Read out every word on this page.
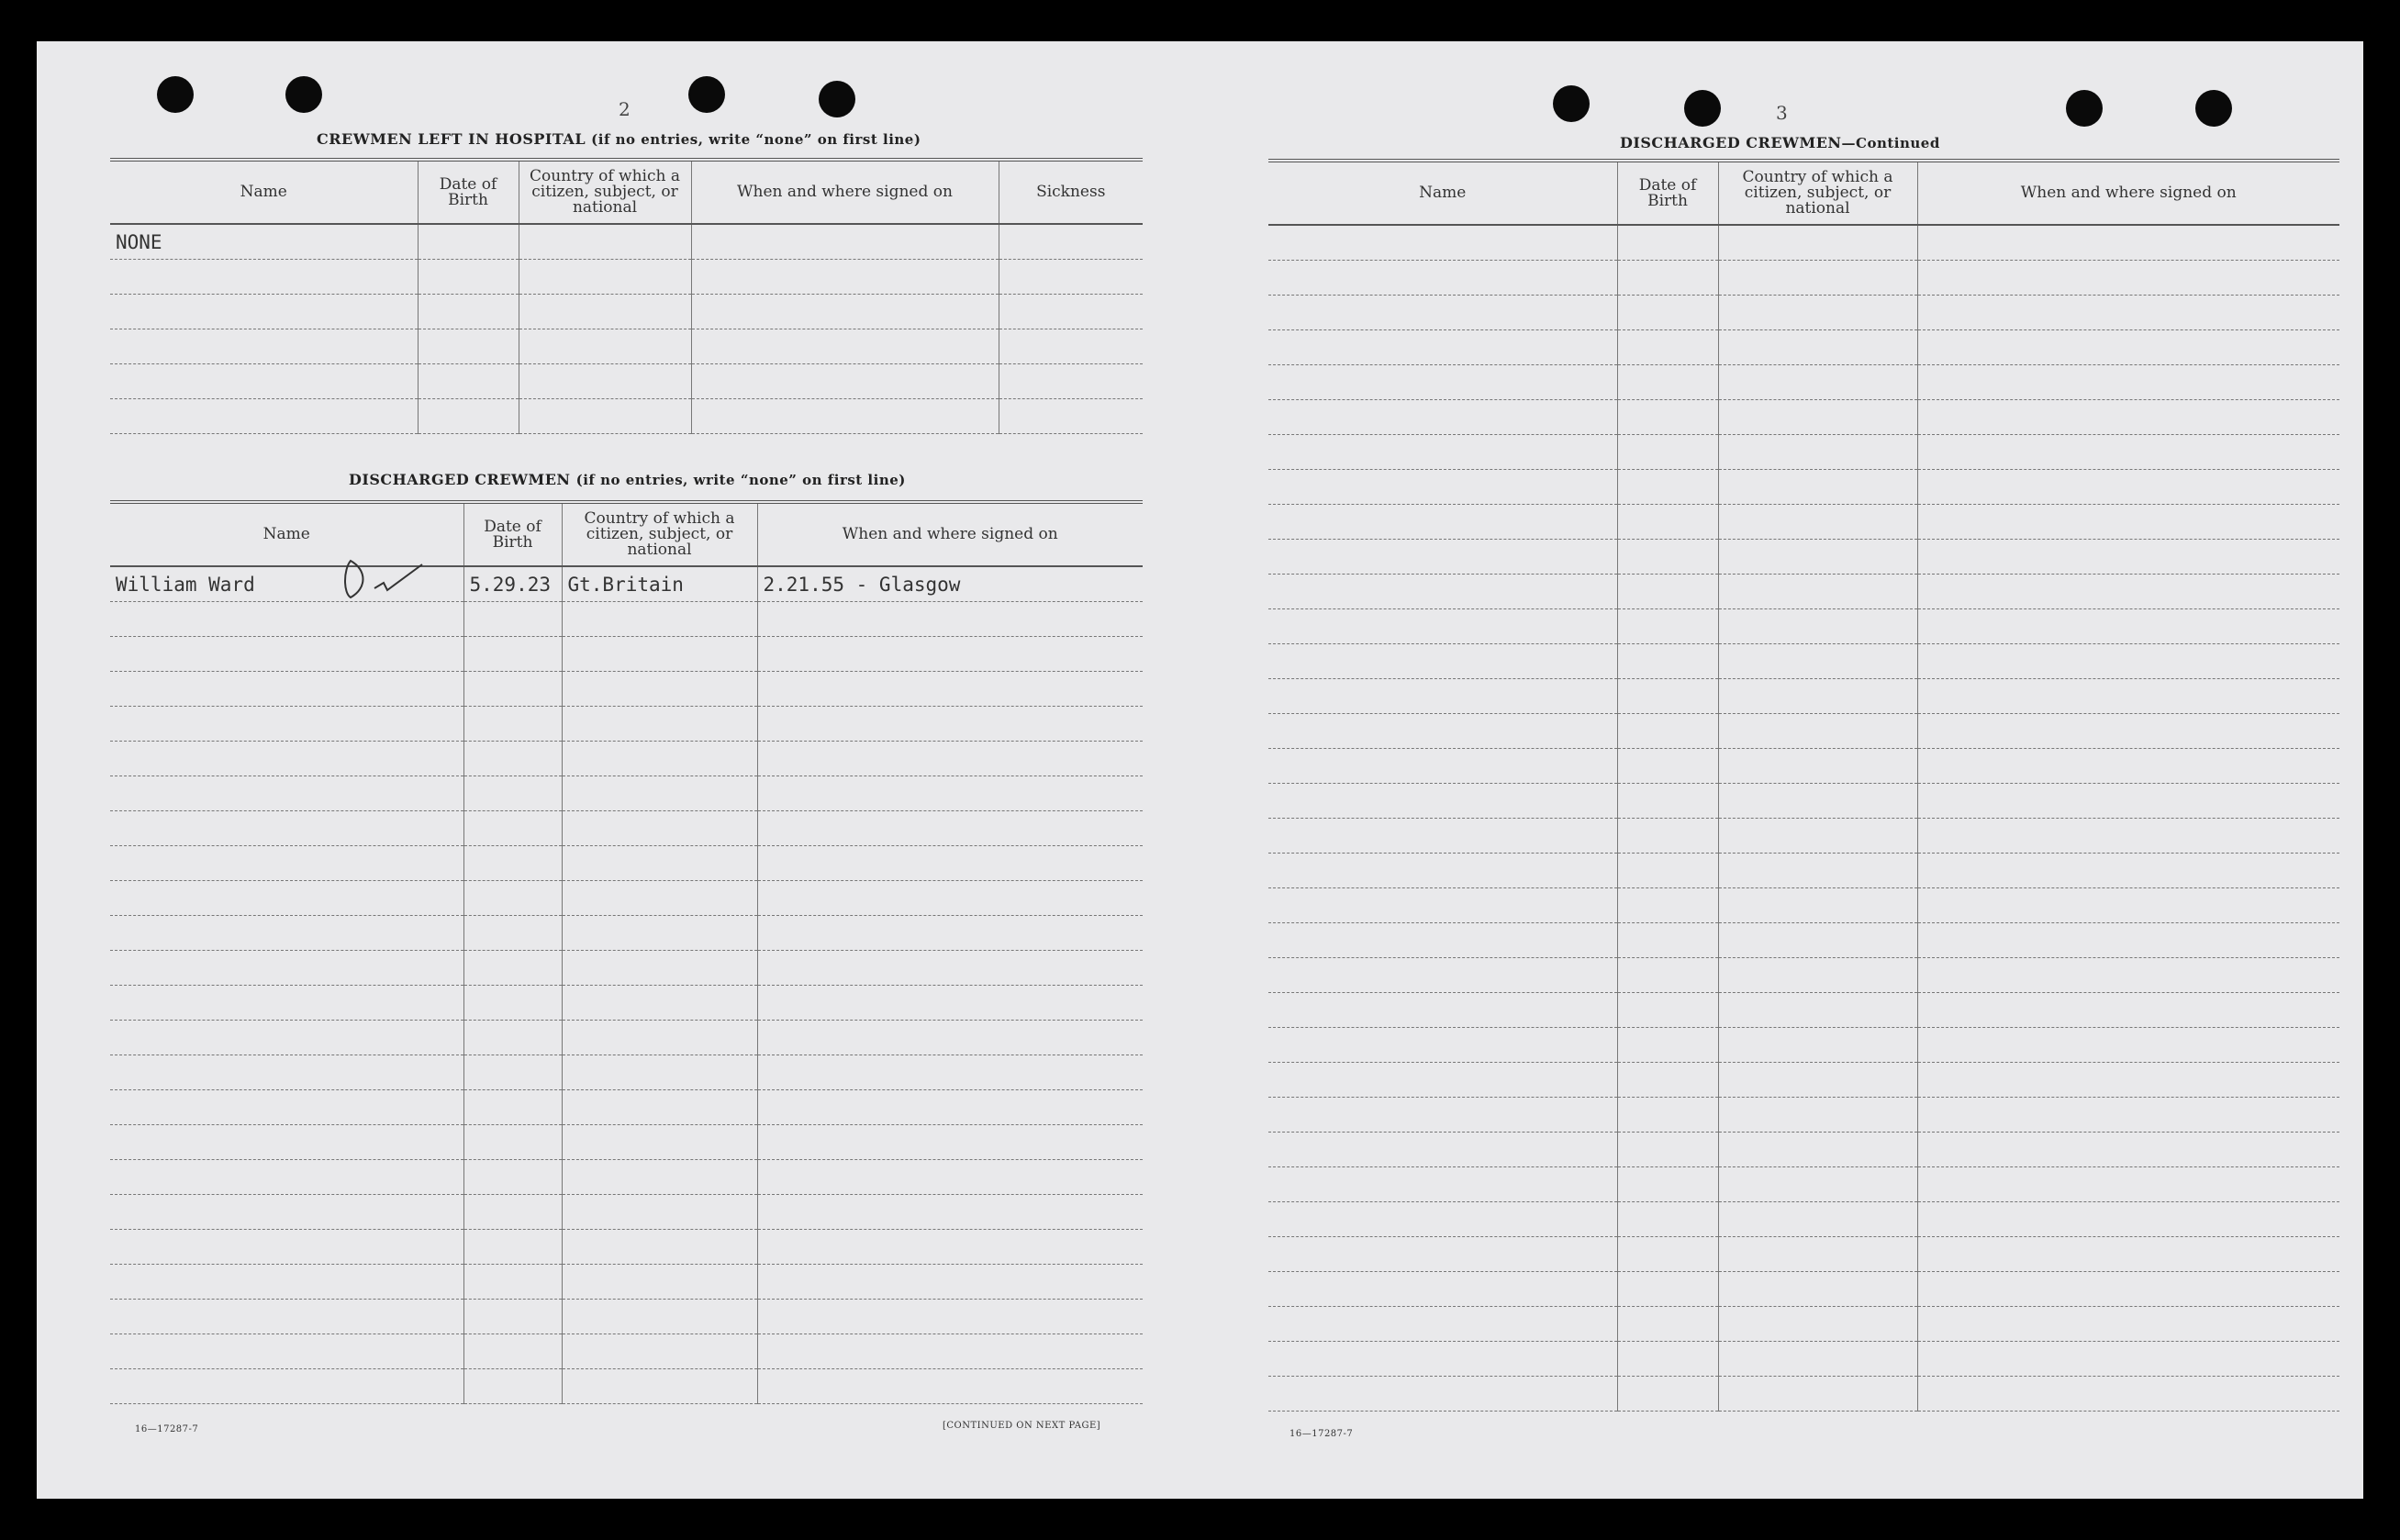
2
CREWMEN LEFT IN HOSPITAL (if no entries, write “none” on first line)
Name	Date of Birth	Country of which a citizen, subject, or national	When and where signed on	Sickness
NONE				

DISCHARGED CREWMEN (if no entries, write “none” on first line)
Name	Date of Birth	Country of which a citizen, subject, or national	When and where signed on
William Ward	5.29.23	Gt.Britain	2.21.55 - Glasgow

16—17287-7	[CONTINUED ON NEXT PAGE]
3
DISCHARGED CREWMEN—Continued
Name	Date of Birth	Country of which a citizen, subject, or national	When and where signed on

16—17287-7
